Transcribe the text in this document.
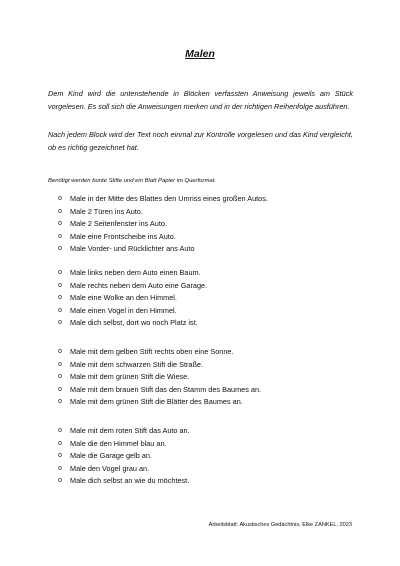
Malen

Dem Kind wird die untenstehende in Blöcken verfassten Anweisung jeweils am Stück vorgelesen. Es soll sich die Anweisungen merken und in der richtigen Reihenfolge ausführen.

Nach jedem Block wird der Text noch einmal zur Kontrolle vorgelesen und das Kind vergleicht, ob es richtig gezeichnet hat.

Benötigt werden bunte Stifte und ein Blatt Papier im Querformat.
o Male in der Mitte des Blattes den Umriss eines großen Autos.
o Male 2 Türen ins Auto.
o Male 2 Seitenfenster ins Auto.
o Male eine Frontscheibe ins Auto.
o Male Vorder- und Rücklichter ans Auto
o Male links neben dem Auto einen Baum.
o Male rechts neben dem Auto eine Garage.
o Male eine Wolke an den Himmel.
o Male einen Vogel in den Himmel.
o Male dich selbst, dort wo noch Platz ist.
o Male mit dem gelben Stift rechts oben eine Sonne.
o Male mit dem schwarzen Stift die Straße.
o Male mit dem grünen Stift die Wiese.
o Male mit dem brauen Stift das den Stamm des Baumes an.
o Male mit dem grünen Stift die Blätter des Baumes an.
o Male mit dem roten Stift das Auto an.
o Male die den Himmel blau an.
o Male die Garage gelb an.
o Male den Vogel grau an.
o Male dich selbst an wie du möchtest.
Arbeitsblatt: Akustisches Gedächtnis, Elke ZANKEL, 2023
